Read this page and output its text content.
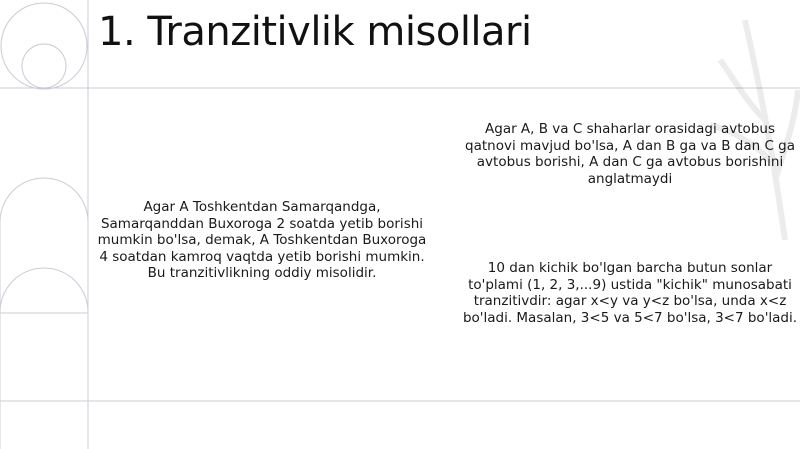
1. Tranzitivlik misollari
Agar A Toshkentdan Samarqandga, Samarqanddan Buxoroga 2 soatda yetib borishi mumkin bo'lsa, demak, A Toshkentdan Buxoroga 4 soatdan kamroq vaqtda yetib borishi mumkin. Bu tranzitivlikning oddiy misolidir.
Agar A, B va C shaharlar orasidagi avtobus qatnovi mavjud bo'lsa, A dan B ga va B dan C ga avtobus borishi, A dan C ga avtobus borishini anglatmaydi
10 dan kichik bo'lgan barcha butun sonlar to'plami (1, 2, 3,...9) ustida "kichik" munosabati tranzitivdir: agar x<y va y<z bo'lsa, unda x<z bo'ladi. Masalan, 3<5 va 5<7 bo'lsa, 3<7 bo'ladi.
